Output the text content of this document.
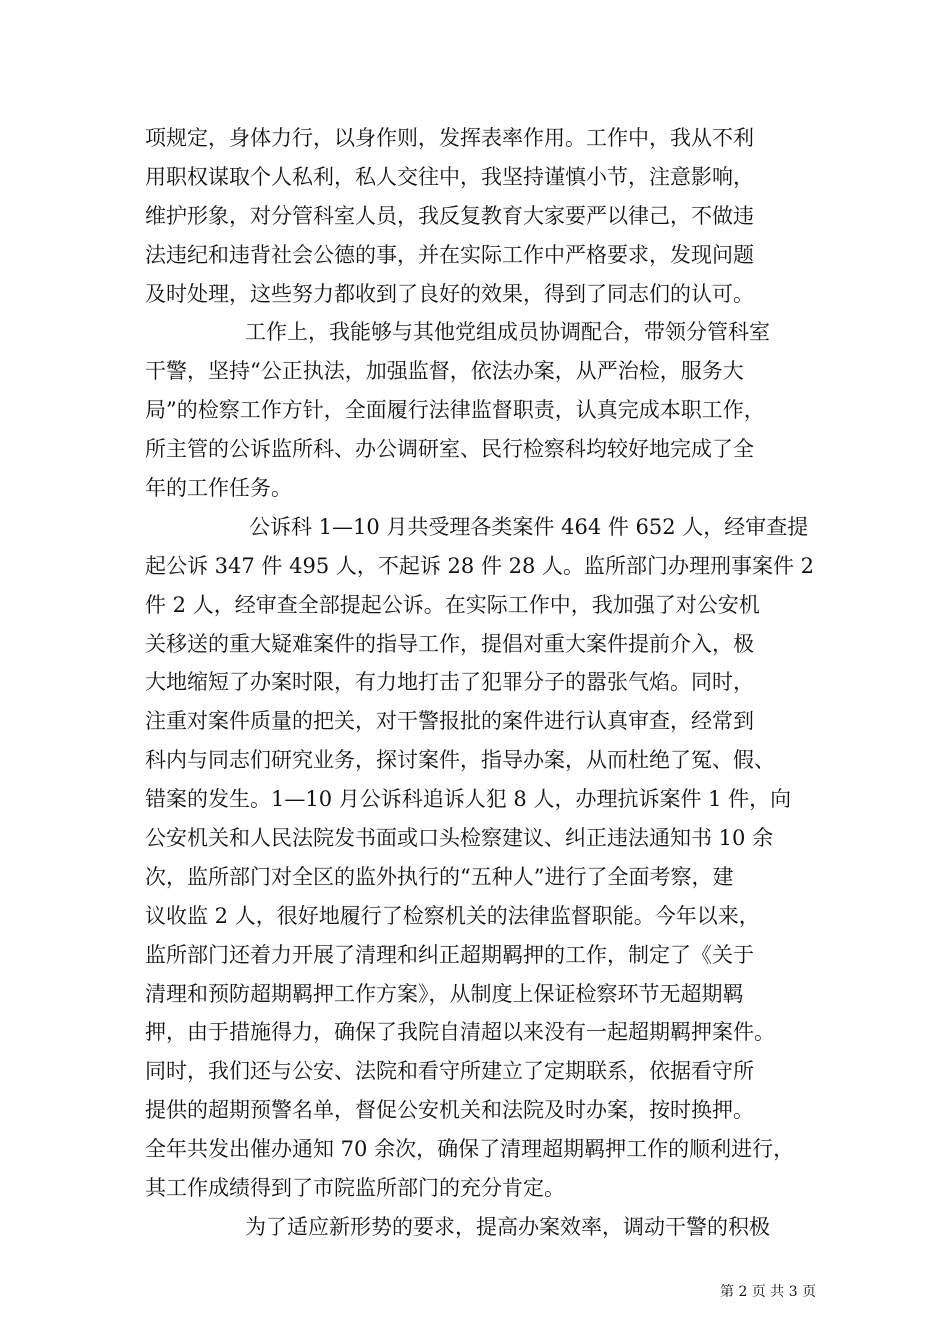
项规定，身体力行，以身作则，发挥表率作用。工作中，我从不利
用职权谋取个人私利，私人交往中，我坚持谨慎小节，注意影响，
维护形象，对分管科室人员，我反复教育大家要严以律己，不做违
法违纪和违背社会公德的事，并在实际工作中严格要求，发现问题
及时处理，这些努力都收到了良好的效果，得到了同志们的认可。
工作上，我能够与其他党组成员协调配合，带领分管科室
干警，坚持“公正执法，加强监督，依法办案，从严治检，服务大
局”的检察工作方针，全面履行法律监督职责，认真完成本职工作，
所主管的公诉监所科、办公调研室、民行检察科均较好地完成了全
年的工作任务。
公诉科 1—10 月共受理各类案件 464 件 652 人，经审查提
起公诉 347 件 495 人，不起诉 28 件 28 人。监所部门办理刑事案件 2
件 2 人，经审查全部提起公诉。在实际工作中，我加强了对公安机
关移送的重大疑难案件的指导工作，提倡对重大案件提前介入，极
大地缩短了办案时限，有力地打击了犯罪分子的嚣张气焰。同时，
注重对案件质量的把关，对干警报批的案件进行认真审查，经常到
科内与同志们研究业务，探讨案件，指导办案，从而杜绝了冤、假、
错案的发生。1—10 月公诉科追诉人犯 8 人，办理抗诉案件 1 件，向
公安机关和人民法院发书面或口头检察建议、纠正违法通知书 10 余
次，监所部门对全区的监外执行的“五种人”进行了全面考察，建
议收监 2 人，很好地履行了检察机关的法律监督职能。今年以来，
监所部门还着力开展了清理和纠正超期羁押的工作，制定了《关于
清理和预防超期羁押工作方案》，从制度上保证检察环节无超期羁
押，由于措施得力，确保了我院自清超以来没有一起超期羁押案件。
同时，我们还与公安、法院和看守所建立了定期联系，依据看守所
提供的超期预警名单，督促公安机关和法院及时办案，按时换押。
全年共发出催办通知 70 余次，确保了清理超期羁押工作的顺利进行，
其工作成绩得到了市院监所部门的充分肯定。
为了适应新形势的要求，提高办案效率，调动干警的积极
第 2 页 共 3 页
